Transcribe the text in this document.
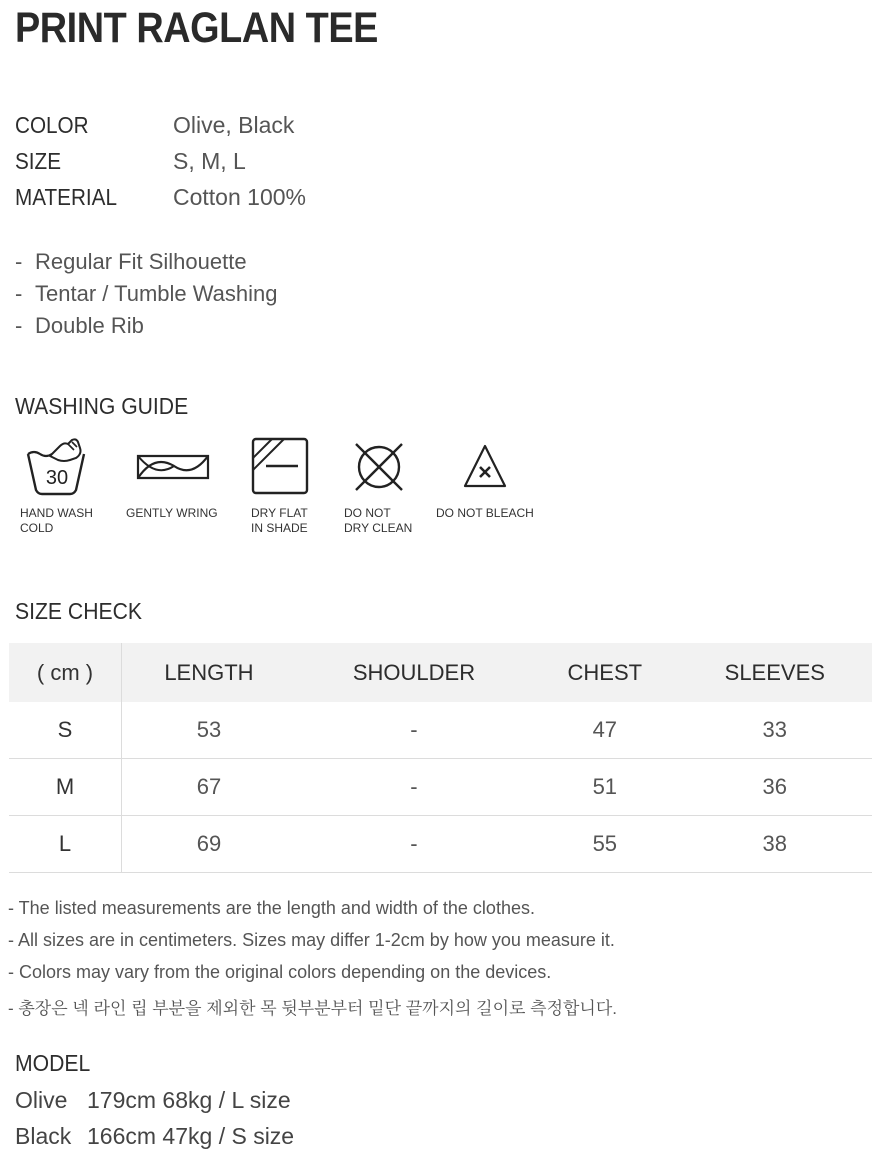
PRINT RAGLAN TEE
COLOR	Olive, Black
SIZE	S, M, L
MATERIAL Cotton 100%
- Regular Fit Silhouette
- Tentar / Tumble Washing
- Double Rib
WASHING GUIDE
30
HAND WASH
COLD
GENTLY WRING	DRY FLAT
IN SHADE
DO NOT
DRY CLEAN
DO NOT BLEACH
SIZE CHECK
( cm )	LENGTH	SHOULDER	CHEST	SLEEVES
S	53	-	47	33
M	67	-	51	36
L	69	-	55	38
- The listed measurements are the length and width of the clothes.
- All sizes are in centimeters. Sizes may differ 1-2cm by how you measure it.
- Colors may vary from the original colors depending on the devices.
- 총장은 넥 라인 립 부분을 제외한 목 뒷부분부터 밑단 끝까지의 길이로 측정합니다.
MODEL
Olive 179cm 68kg / L size
Black 166cm 47kg / S size
